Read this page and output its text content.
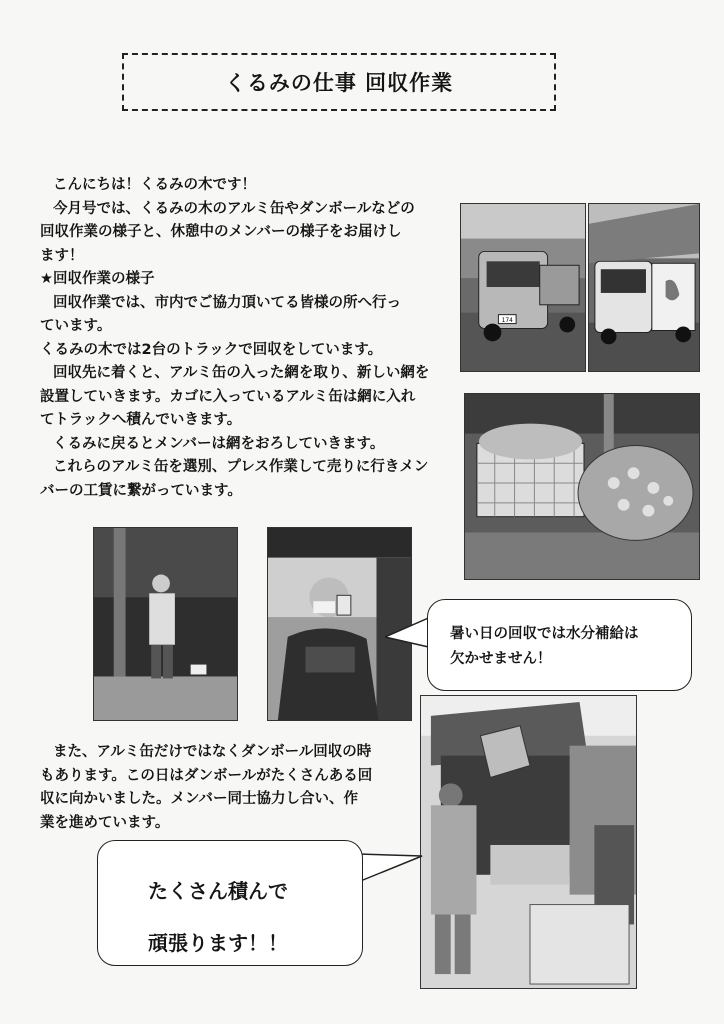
くるみの仕事 回収作業

こんにちは！くるみの木です！

今月号では、くるみの木のアルミ缶やダンボールなどの

回収作業の様子と、休憩中のメンバーの様子をお届けし

ます！

★回収作業の様子

回収作業では、市内でご協力頂いてる皆様の所へ行っ

ています。

くるみの木では2台のトラックで回収をしています。

回収先に着くと、アルミ缶の入った網を取り、新しい網を

設置していきます。カゴに入っているアルミ缶は網に入れ

てトラックへ積んでいきます。

くるみに戻るとメンバーは網をおろしていきます。

これらのアルミ缶を選別、プレス作業して売りに行きメン

バーの工賃に繋がっています。

174
暑い日の回収では水分補給は
欠かせません！

また、アルミ缶だけではなくダンボール回収の時

もあります。この日はダンボールがたくさんある回

収に向かいました。メンバー同士協力し合い、作

業を進めています。

たくさん積んで
頑張ります！！
